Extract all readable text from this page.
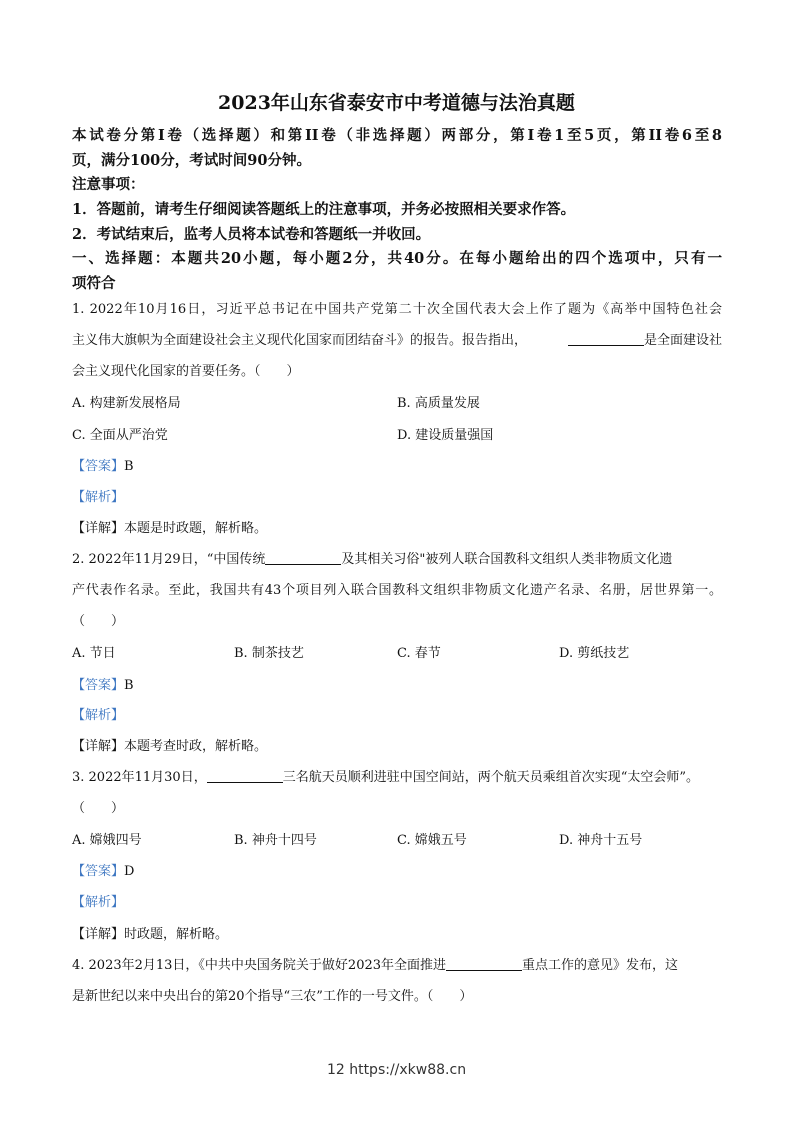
2023年山东省泰安市中考道德与法治真题
本试卷分第Ⅰ卷（选择题）和第II卷（非选择题）两部分，第I卷1至5页，第II卷6至8
页，满分100分，考试时间90分钟。
注意事项：
1．答题前，请考生仔细阅读答题纸上的注意事项，并务必按照相关要求作答。
2．考试结束后，监考人员将本试卷和答题纸一并收回。
一、选择题：本题共20小题，每小题2分，共40分。在每小题给出的四个选项中，只有一
项符合
1. 2022年10月16日，习近平总书记在中国共产党第二十次全国代表大会上作了题为《高举中国特色社会
主义伟大旗帜为全面建设社会主义现代化国家而团结奋斗》的报告。报告指出，	是全面建设社
会主义现代化国家的首要任务。（　　）
A. 构建新发展格局	B. 高质量发展
C. 全面从严治党	D. 建设质量强国
【答案】B
【解析】
【详解】本题是时政题，解析略。
2. 2022年11月29日，“中国传统	及其相关习俗"被列人联合国教科文组织人类非物质文化遗
产代表作名录。至此，我国共有43个项目列入联合国教科文组织非物质文化遗产名录、名册，居世界第一。
（　　）
A. 节日	B. 制茶技艺	C. 春节	D. 剪纸技艺
【答案】B
【解析】
【详解】本题考查时政，解析略。
3. 2022年11月30日，	三名航天员顺利进驻中国空间站，两个航天员乘组首次实现“太空会师”。
（　　）
A. 嫦娥四号	B. 神舟十四号	C. 嫦娥五号	D. 神舟十五号
【答案】D
【解析】
【详解】时政题，解析略。
4. 2023年2月13日，《中共中央国务院关于做好2023年全面推进	重点工作的意见》发布，这
是新世纪以来中央出台的第20个指导“三农”工作的一号文件。（　　）
12 https://xkw88.cn
